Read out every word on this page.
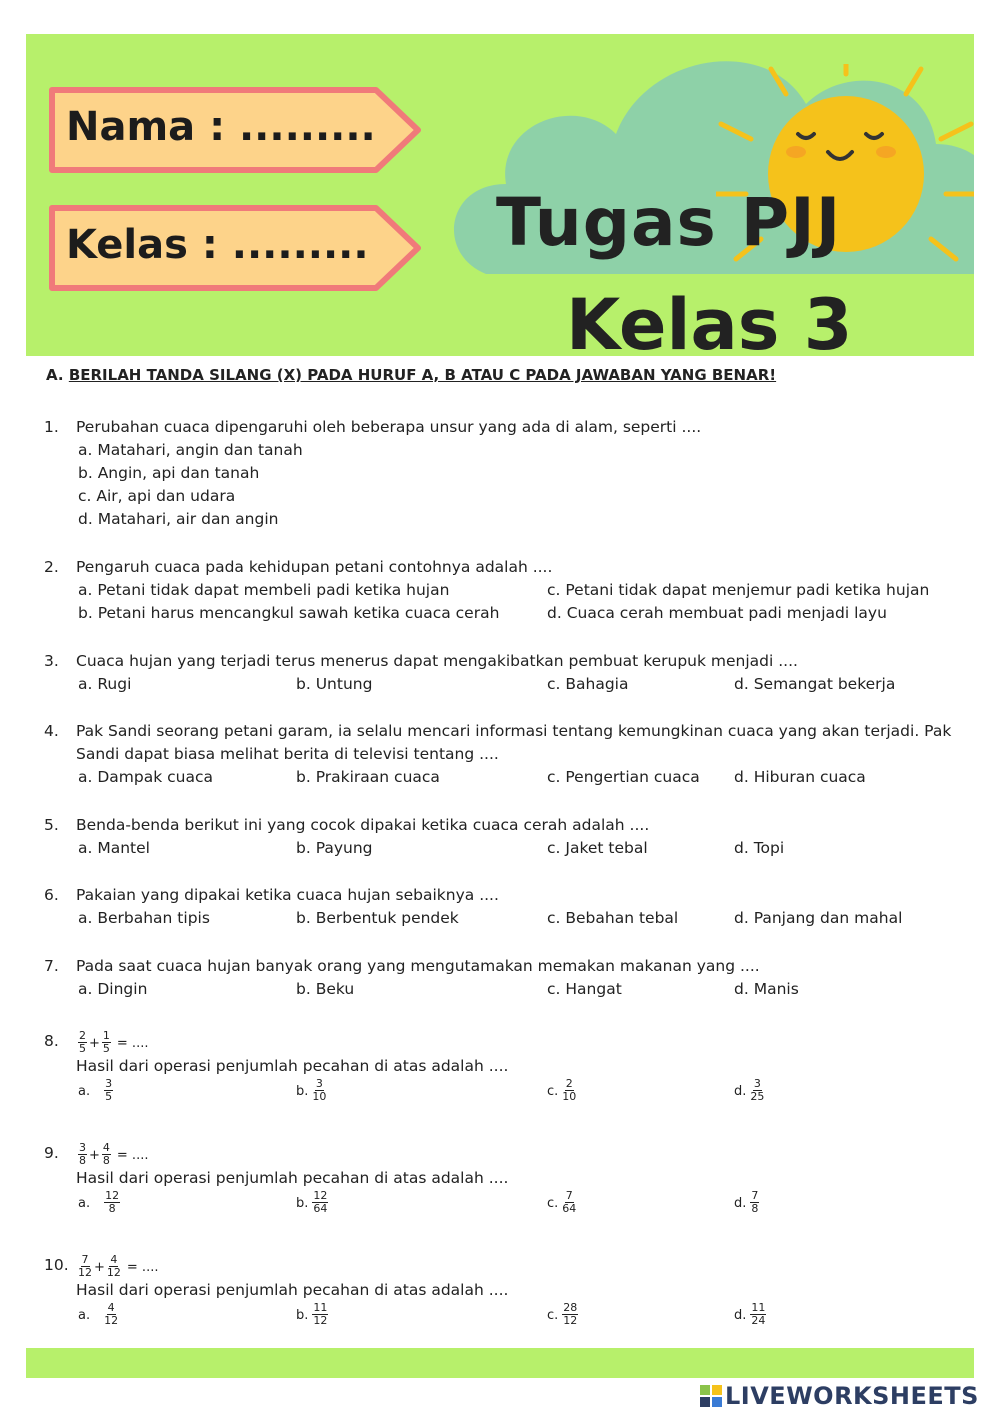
Nama : .........
Kelas : ......... Tugas PJJ
Kelas 3
A. BERILAH TANDA SILANG (X) PADA HURUF A, B ATAU C PADA JAWABAN YANG BENAR!
1.	Perubahan cuaca dipengaruhi oleh beberapa unsur yang ada di alam, seperti ....
a. Matahari, angin dan tanah
b. Angin, api dan tanah
c. Air, api dan udara
d. Matahari, air dan angin
2.	Pengaruh cuaca pada kehidupan petani contohnya adalah ....
a. Petani tidak dapat membeli padi ketika hujan	c. Petani tidak dapat menjemur padi ketika hujan
b. Petani harus mencangkul sawah ketika cuaca cerah	d. Cuaca cerah membuat padi menjadi layu
3.	Cuaca hujan yang terjadi terus menerus dapat mengakibatkan pembuat kerupuk menjadi ....
a. Rugi	b. Untung	c. Bahagia	d. Semangat bekerja
4.	Pak Sandi seorang petani garam, ia selalu mencari informasi tentang kemungkinan cuaca yang akan terjadi. Pak Sandi dapat biasa melihat berita di televisi tentang ....
a. Dampak cuaca	b. Prakiraan cuaca	c. Pengertian cuaca d. Hiburan cuaca
5.	Benda-benda berikut ini yang cocok dipakai ketika cuaca cerah adalah ....
a. Mantel	b. Payung	c. Jaket tebal	d. Topi
6.	Pakaian yang dipakai ketika cuaca hujan sebaiknya ....
a. Berbahan tipis	b. Berbentuk pendek	c. Bebahan tebal	d. Panjang dan mahal
7.	Pada saat cuaca hujan banyak orang yang mengutamakan memakan makanan yang ....
a. Dingin	b. Beku	c. Hangat	d. Manis
8.	$\frac{2}{5} + \frac{1}{5}$ = ....
Hasil dari operasi penjumlah pecahan di atas adalah ....
a. $\frac{3}{5}$	b. $\frac{3}{10}$	c. $\frac{2}{10}$	d. $\frac{3}{25}$
9.	$\frac{3}{8} + \frac{4}{8}$ = ....
Hasil dari operasi penjumlah pecahan di atas adalah ....
a. $\frac{12}{8}$	b. $\frac{12}{64}$	c. $\frac{7}{64}$	d. $\frac{7}{8}$
10. $\frac{7}{12} + \frac{4}{12}$ = ....
Hasil dari operasi penjumlah pecahan di atas adalah ....
a. $\frac{4}{12}$	b. $\frac{11}{12}$	c. $\frac{28}{12}$	d. $\frac{11}{24}$
LIVEWORKSHEETS
